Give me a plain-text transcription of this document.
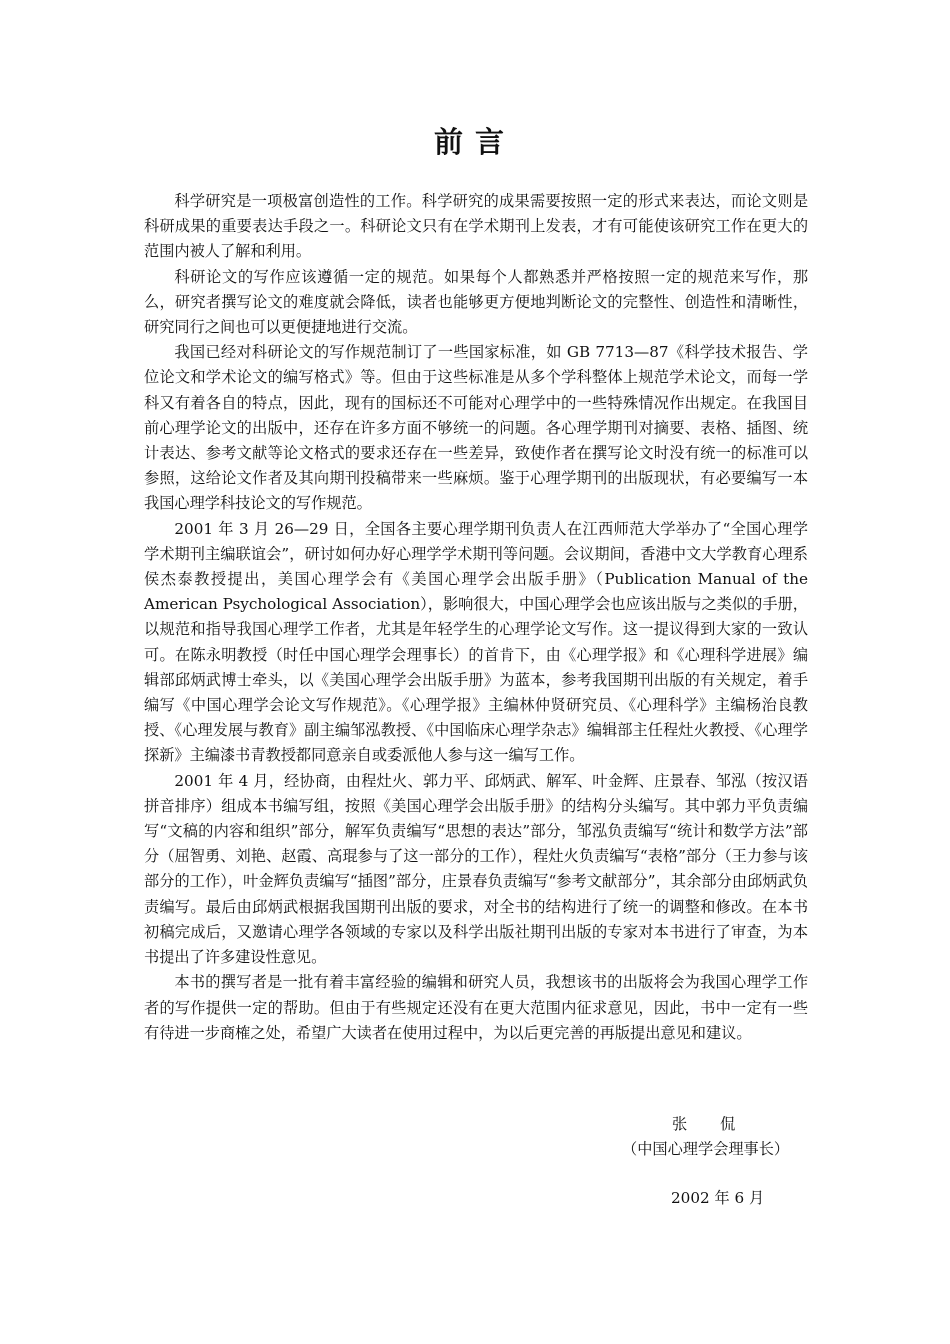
前言

科学研究是一项极富创造性的工作。科学研究的成果需要按照一定的形式来表达，而论文则是科研成果的重要表达手段之一。科研论文只有在学术期刊上发表，才有可能使该研究工作在更大的范围内被人了解和利用。

科研论文的写作应该遵循一定的规范。如果每个人都熟悉并严格按照一定的规范来写作，那么，研究者撰写论文的难度就会降低，读者也能够更方便地判断论文的完整性、创造性和清晰性，研究同行之间也可以更便捷地进行交流。

我国已经对科研论文的写作规范制订了一些国家标准，如 GB 7713—87《科学技术报告、学位论文和学术论文的编写格式》等。但由于这些标准是从多个学科整体上规范学术论文，而每一学科又有着各自的特点，因此，现有的国标还不可能对心理学中的一些特殊情况作出规定。在我国目前心理学论文的出版中，还存在许多方面不够统一的问题。各心理学期刊对摘要、表格、插图、统计表达、参考文献等论文格式的要求还存在一些差异，致使作者在撰写论文时没有统一的标准可以参照，这给论文作者及其向期刊投稿带来一些麻烦。鉴于心理学期刊的出版现状，有必要编写一本我国心理学科技论文的写作规范。

2001 年 3 月 26—29 日，全国各主要心理学期刊负责人在江西师范大学举办了“全国心理学学术期刊主编联谊会”，研讨如何办好心理学学术期刊等问题。会议期间，香港中文大学教育心理系侯杰泰教授提出，美国心理学会有《美国心理学会出版手册》（Publication Manual of the American Psychological Association），影响很大，中国心理学会也应该出版与之类似的手册，以规范和指导我国心理学工作者，尤其是年轻学生的心理学论文写作。这一提议得到大家的一致认可。在陈永明教授（时任中国心理学会理事长）的首肯下，由《心理学报》和《心理科学进展》编辑部邱炳武博士牵头，以《美国心理学会出版手册》为蓝本，参考我国期刊出版的有关规定，着手编写《中国心理学会论文写作规范》。《心理学报》主编林仲贤研究员、《心理科学》主编杨治良教授、《心理发展与教育》副主编邹泓教授、《中国临床心理学杂志》编辑部主任程灶火教授、《心理学探新》主编漆书青教授都同意亲自或委派他人参与这一编写工作。

2001 年 4 月，经协商，由程灶火、郭力平、邱炳武、解军、叶金辉、庄景春、邹泓（按汉语拼音排序）组成本书编写组，按照《美国心理学会出版手册》的结构分头编写。其中郭力平负责编写“文稿的内容和组织”部分，解军负责编写“思想的表达”部分，邹泓负责编写“统计和数学方法”部分（屈智勇、刘艳、赵霞、高琨参与了这一部分的工作），程灶火负责编写“表格”部分（王力参与该部分的工作），叶金辉负责编写“插图”部分，庄景春负责编写“参考文献部分”，其余部分由邱炳武负责编写。最后由邱炳武根据我国期刊出版的要求，对全书的结构进行了统一的调整和修改。在本书初稿完成后，又邀请心理学各领域的专家以及科学出版社期刊出版的专家对本书进行了审查，为本书提出了许多建设性意见。

本书的撰写者是一批有着丰富经验的编辑和研究人员，我想该书的出版将会为我国心理学工作者的写作提供一定的帮助。但由于有些规定还没有在更大范围内征求意见，因此，书中一定有一些有待进一步商榷之处，希望广大读者在使用过程中，为以后更完善的再版提出意见和建议。

张 侃
（中国心理学会理事长）
2002 年 6 月
